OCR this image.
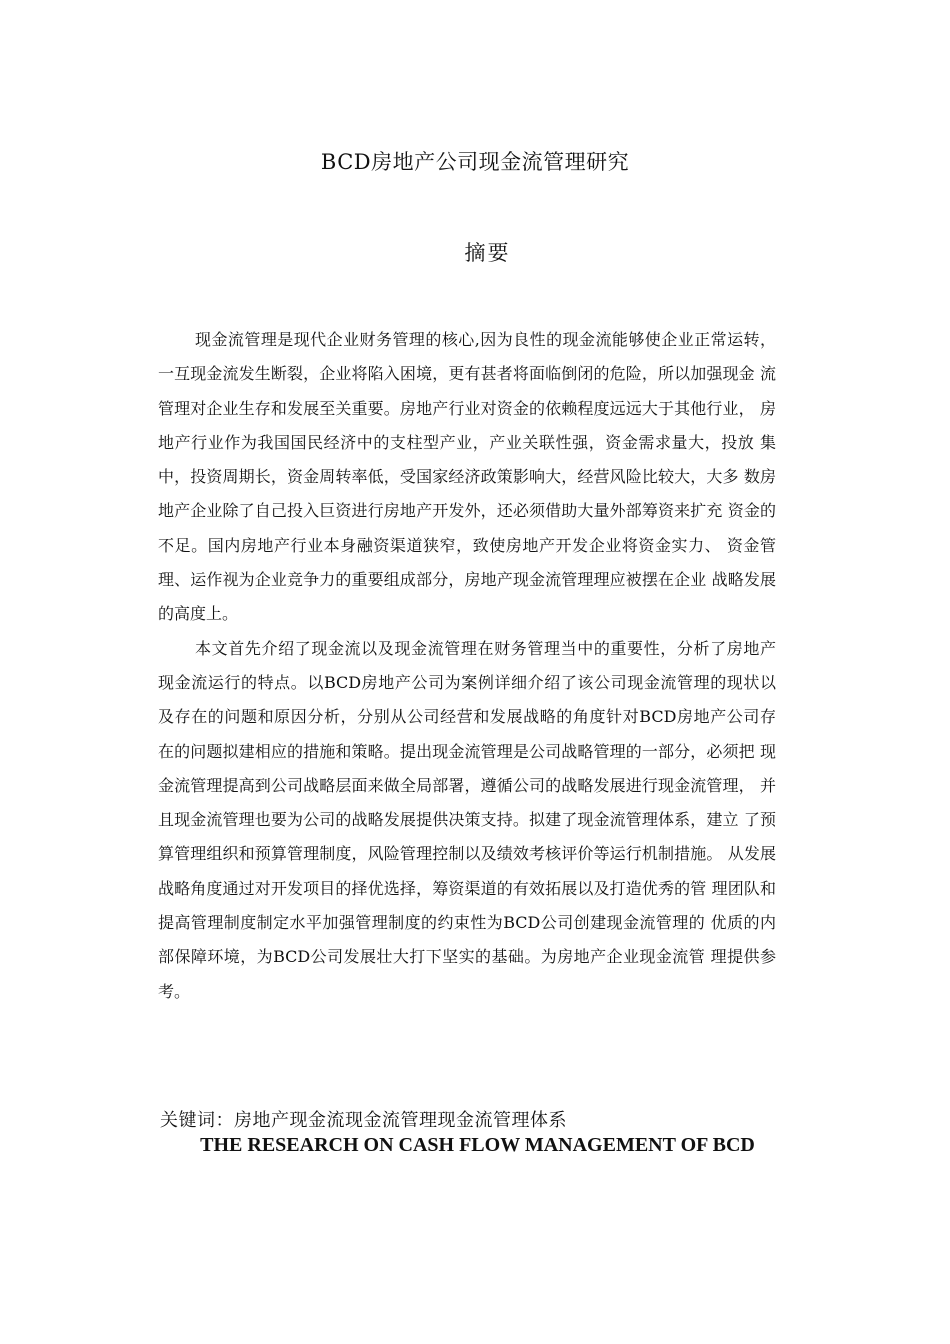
BCD房地产公司现金流管理研究
摘要

现金流管理是现代企业财务管理的核心,因为良性的现金流能够使企业正常运转， 一互现金流发生断裂，企业将陷入困境，更有甚者将面临倒闭的危险，所以加强现金 流管理对企业生存和发展至关重要。房地产行业对资金的依赖程度远远大于其他行业， 房地产行业作为我国国民经济中的支柱型产业，产业关联性强，资金需求量大，投放 集中，投资周期长，资金周转率低，受国家经济政策影响大，经营风险比较大，大多 数房地产企业除了自己投入巨资进行房地产开发外，还必须借助大量外部筹资来扩充 资金的不足。国内房地产行业本身融资渠道狭窄，致使房地产开发企业将资金实力、 资金管理、运作视为企业竞争力的重要组成部分，房地产现金流管理理应被摆在企业 战略发展的高度上。

本文首先介绍了现金流以及现金流管理在财务管理当中的重要性，分析了房地产 现金流运行的特点。以BCD房地产公司为案例详细介绍了该公司现金流管理的现状以 及存在的问题和原因分析，分别从公司经营和发展战略的角度针对BCD房地产公司存 在的问题拟建相应的措施和策略。提出现金流管理是公司战略管理的一部分，必须把 现金流管理提高到公司战略层面来做全局部署，遵循公司的战略发展进行现金流管理， 并且现金流管理也要为公司的战略发展提供决策支持。拟建了现金流管理体系，建立 了预算管理组织和预算管理制度，风险管理控制以及绩效考核评价等运行机制措施。 从发展战略角度通过对开发项目的择优选择，筹资渠道的有效拓展以及打造优秀的管 理团队和提高管理制度制定水平加强管理制度的约束性为BCD公司创建现金流管理的 优质的内部保障环境，为BCD公司发展壮大打下坚实的基础。为房地产企业现金流管 理提供参考。

关键词：房地产现金流现金流管理现金流管理体系
THE RESEARCH ON CASH FLOW MANAGEMENT OF BCD
